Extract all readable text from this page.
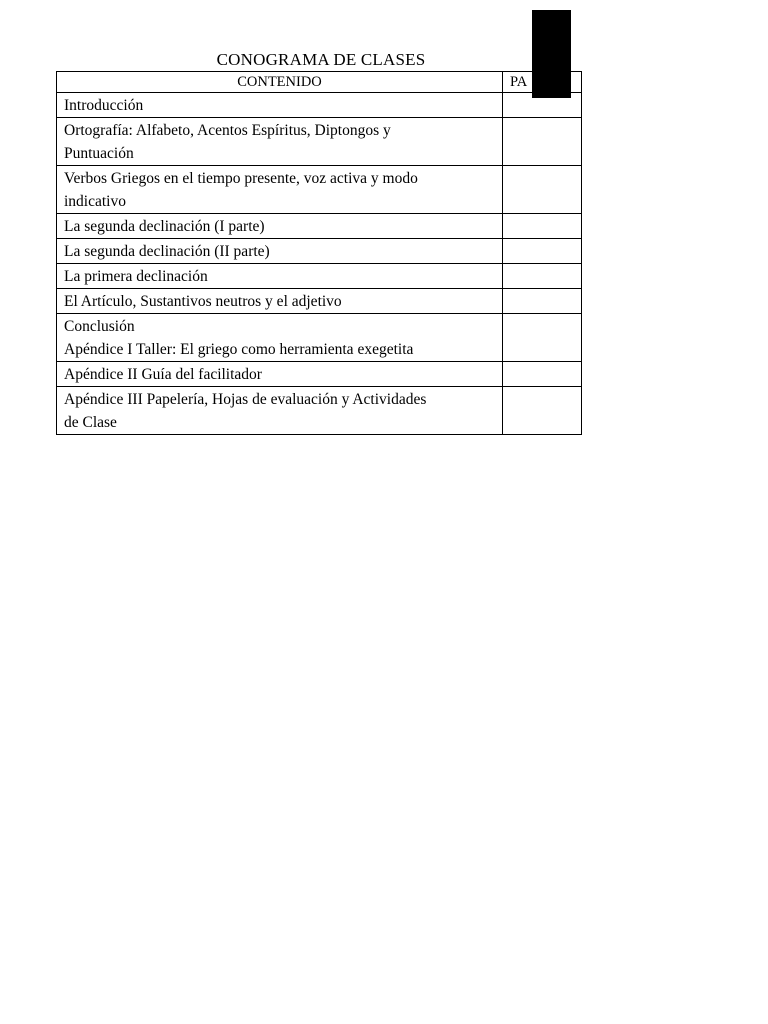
CONOGRAMA DE CLASES
CONTENIDO	PA

Introducción	

Ortografía: Alfabeto, Acentos Espíritus, Diptongos y
Puntuación	

Verbos Griegos en el tiempo presente, voz activa y modo
indicativo	

La segunda declinación (I parte)	

La segunda declinación (II parte)	

La primera declinación	

El Artículo, Sustantivos neutros y el adjetivo	

Conclusión
Apéndice I Taller: El griego como herramienta exegetita	

Apéndice II Guía del facilitador	

Apéndice III Papelería, Hojas de evaluación y Actividades
de Clase	
